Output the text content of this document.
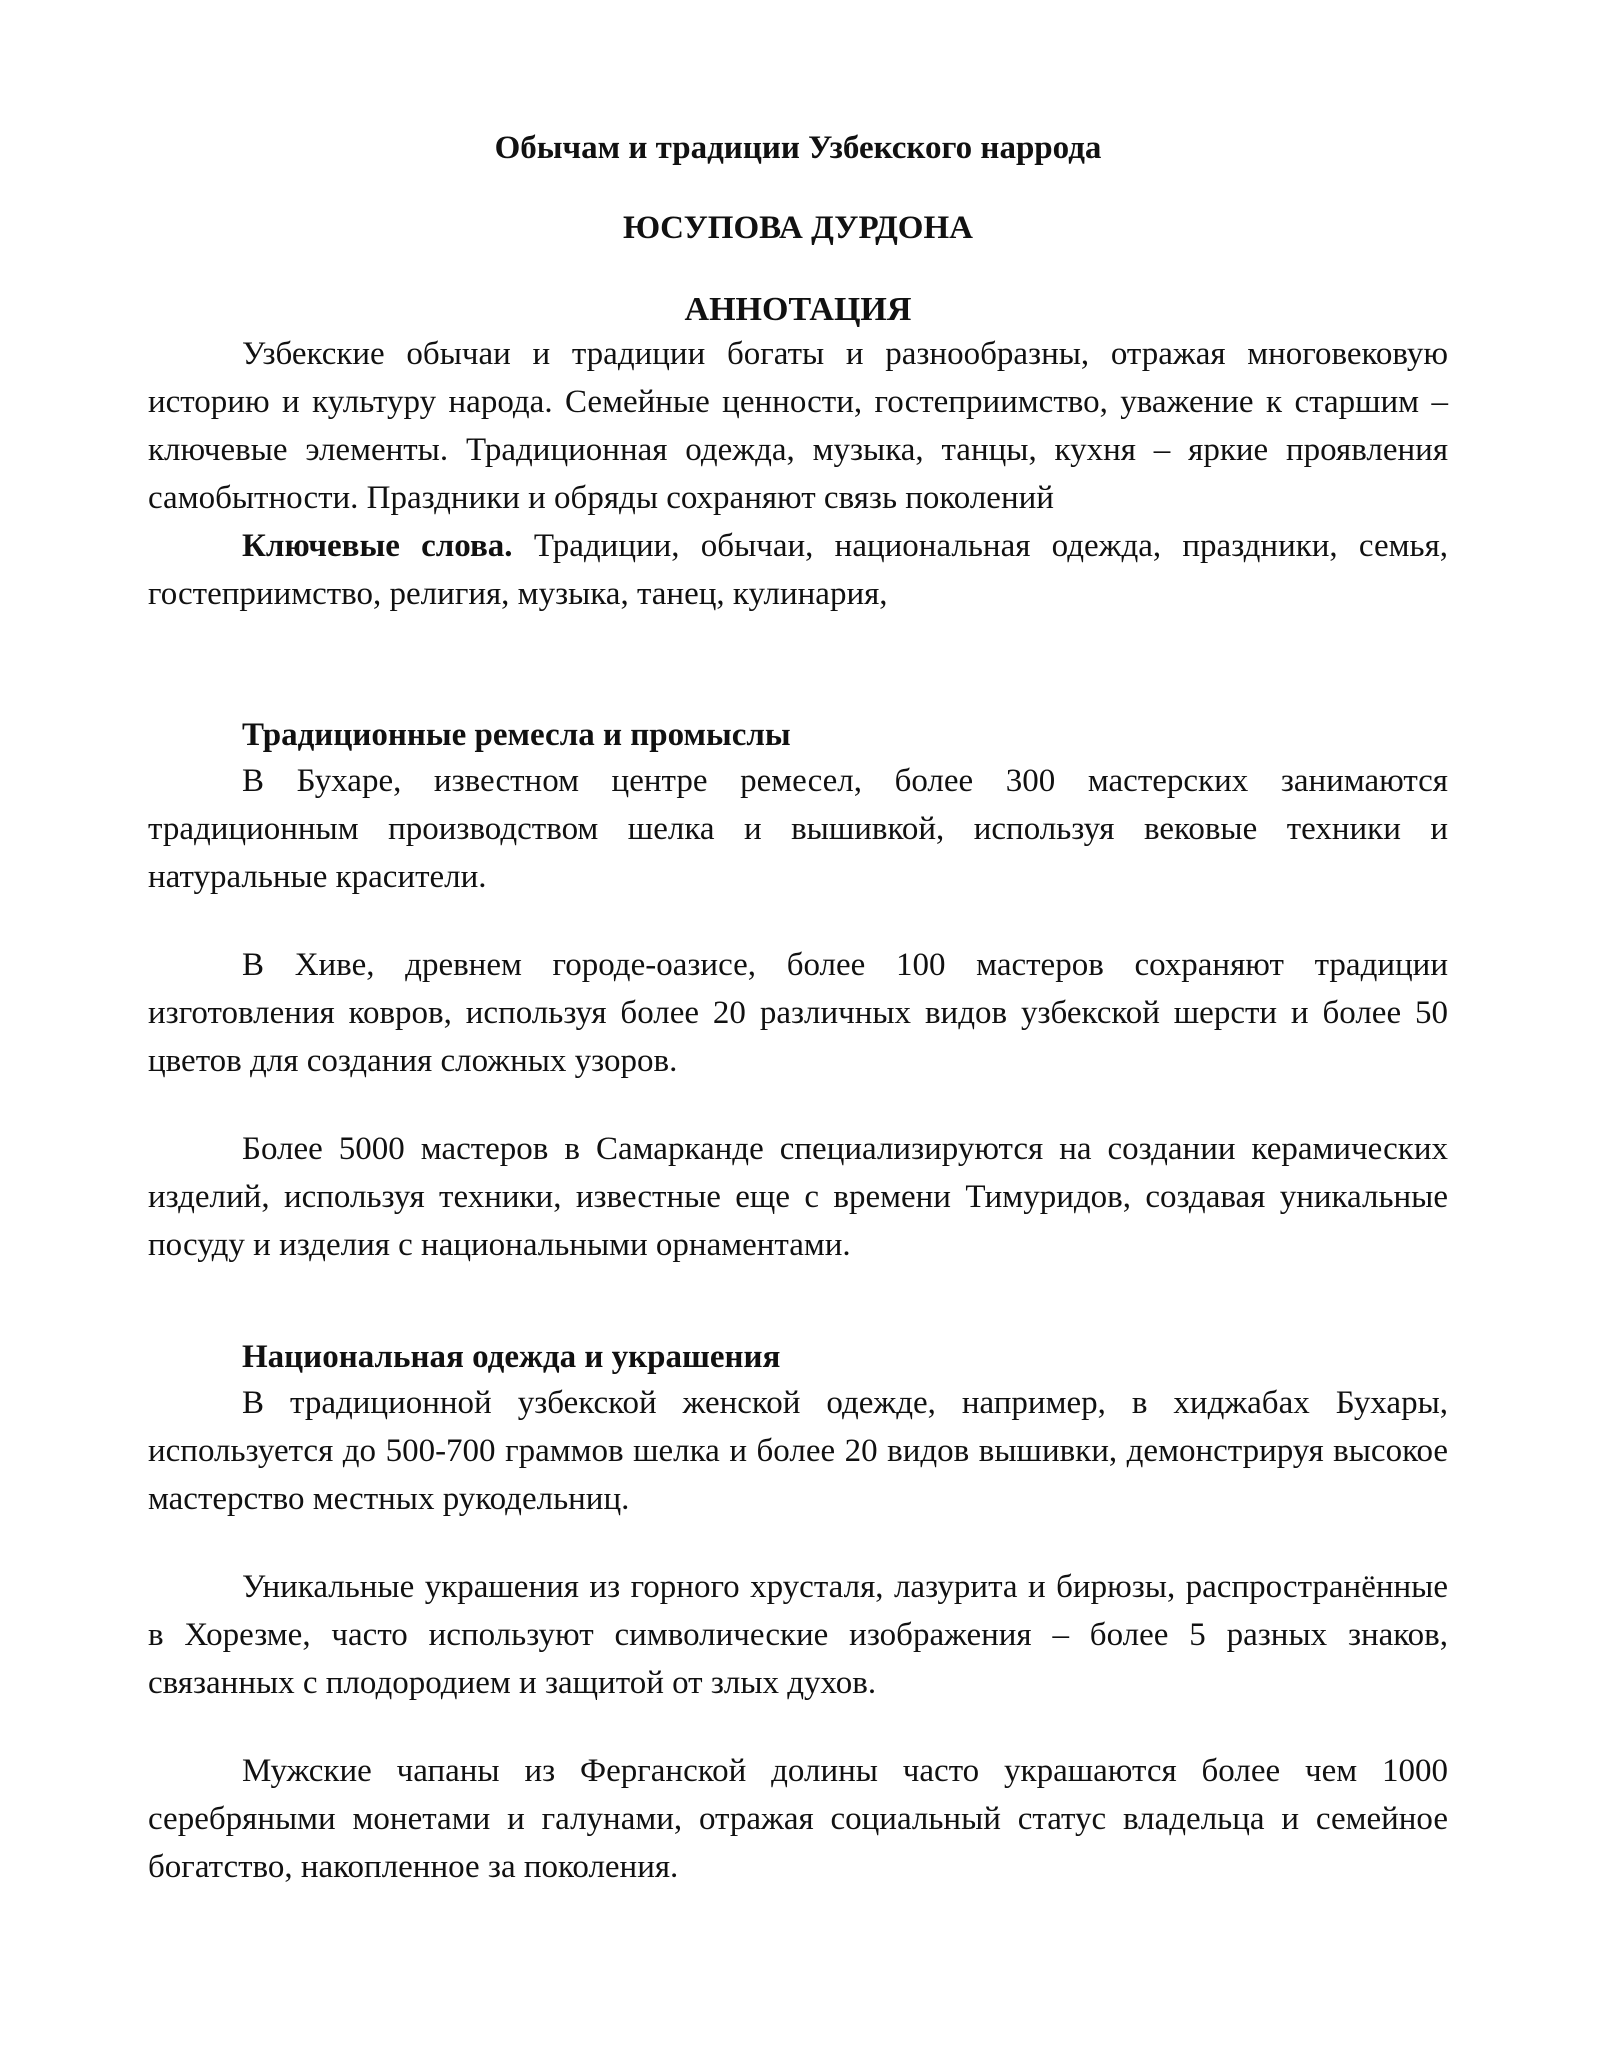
Обычам и традиции Узбекского наррода
ЮСУПОВА ДУРДОНА
АННОТАЦИЯ

Узбекские обычаи и традиции богаты и разнообразны, отражая многовековую историю и культуру народа. Семейные ценности, гостеприимство, уважение к старшим – ключевые элементы. Традиционная одежда, музыка, танцы, кухня – яркие проявления самобытности. Праздники и обряды сохраняют связь поколений

Ключевые слова. Традиции, обычаи, национальная одежда, праздники, семья, гостеприимство, религия, музыка, танец, кулинария,

Традиционные ремесла и промыслы

В Бухаре, известном центре ремесел, более 300 мастерских занимаются традиционным производством шелка и вышивкой, используя вековые техники и натуральные красители.

В Хиве, древнем городе-оазисе, более 100 мастеров сохраняют традиции изготовления ковров, используя более 20 различных видов узбекской шерсти и более 50 цветов для создания сложных узоров.

Более 5000 мастеров в Самарканде специализируются на создании керамических изделий, используя техники, известные еще с времени Тимуридов, создавая уникальные посуду и изделия с национальными орнаментами.

Национальная одежда и украшения

В традиционной узбекской женской одежде, например, в хиджабах Бухары, используется до 500-700 граммов шелка и более 20 видов вышивки, демонстрируя высокое мастерство местных рукодельниц.

Уникальные украшения из горного хрусталя, лазурита и бирюзы, распространённые в Хорезме, часто используют символические изображения – более 5 разных знаков, связанных с плодородием и защитой от злых духов.

Мужские чапаны из Ферганской долины часто украшаются более чем 1000 серебряными монетами и галунами, отражая социальный статус владельца и семейное богатство, накопленное за поколения.
